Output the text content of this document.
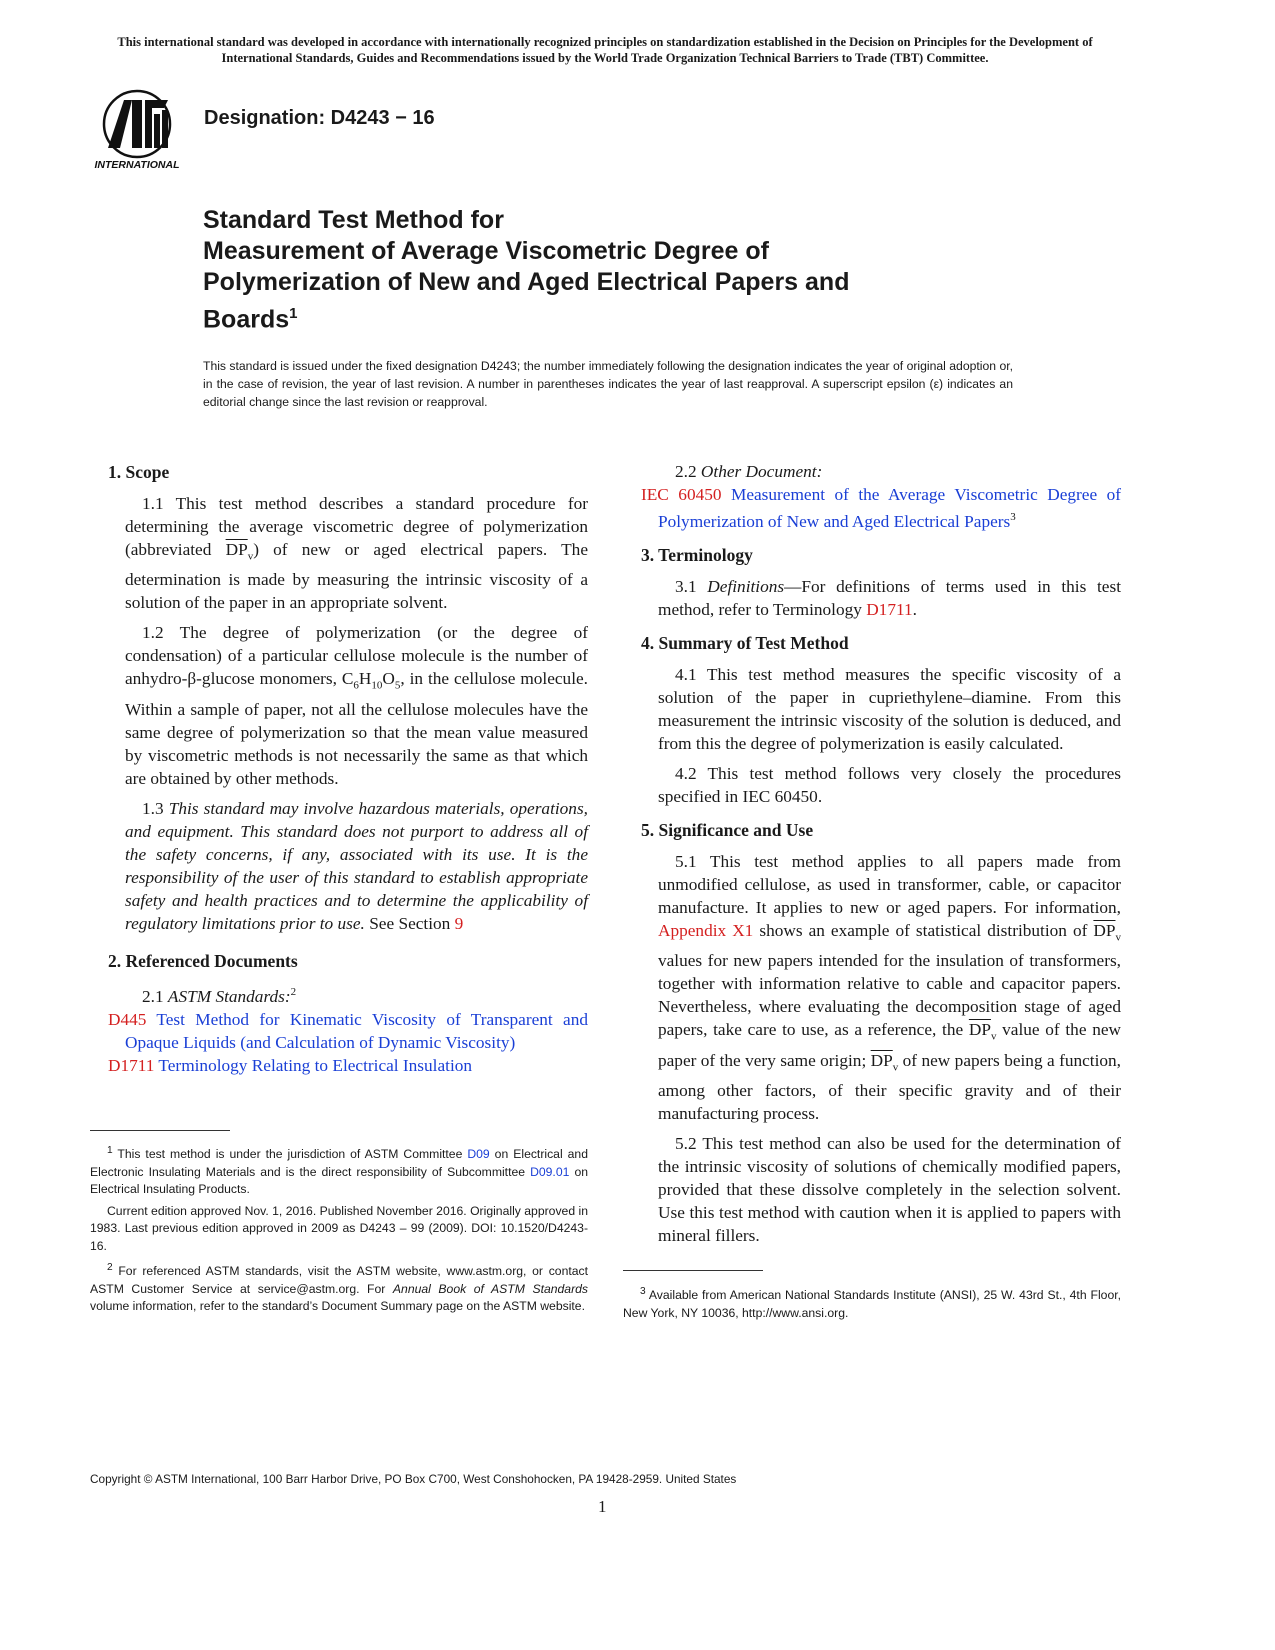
This international standard was developed in accordance with internationally recognized principles on standardization established in the Decision on Principles for the Development of International Standards, Guides and Recommendations issued by the World Trade Organization Technical Barriers to Trade (TBT) Committee.
INTERNATIONAL
Designation: D4243 − 16
Standard Test Method for
Measurement of Average Viscometric Degree of
Polymerization of New and Aged Electrical Papers and
Boards$^1$
This standard is issued under the fixed designation D4243; the number immediately following the designation indicates the year of original adoption or, in the case of revision, the year of last revision. A number in parentheses indicates the year of last reapproval. A superscript epsilon (ε) indicates an editorial change since the last revision or reapproval.
1. Scope

1.1 This test method describes a standard procedure for determining the average viscometric degree of polymerization (abbreviated $\overline{DP}_v$) of new or aged electrical papers. The determination is made by measuring the intrinsic viscosity of a solution of the paper in an appropriate solvent.

1.2 The degree of polymerization (or the degree of condensation) of a particular cellulose molecule is the number of anhydro-β-glucose monomers, $C_6H_{10}O_5$, in the cellulose molecule. Within a sample of paper, not all the cellulose molecules have the same degree of polymerization so that the mean value measured by viscometric methods is not necessarily the same as that which are obtained by other methods.

1.3 This standard may involve hazardous materials, operations, and equipment. This standard does not purport to address all of the safety concerns, if any, associated with its use. It is the responsibility of the user of this standard to establish appropriate safety and health practices and to determine the applicability of regulatory limitations prior to use. See Section 9

2. Referenced Documents

2.1 ASTM Standards:$^2$

D445 Test Method for Kinematic Viscosity of Transparent and Opaque Liquids (and Calculation of Dynamic Viscosity)
D1711 Terminology Relating to Electrical Insulation

2.2 Other Document:

IEC 60450 Measurement of the Average Viscometric Degree of Polymerization of New and Aged Electrical Papers$^3$
3. Terminology

3.1 Definitions—For definitions of terms used in this test method, refer to Terminology D1711.

4. Summary of Test Method

4.1 This test method measures the specific viscosity of a solution of the paper in cupriethylene–diamine. From this measurement the intrinsic viscosity of the solution is deduced, and from this the degree of polymerization is easily calculated.

4.2 This test method follows very closely the procedures specified in IEC 60450.

5. Significance and Use

5.1 This test method applies to all papers made from unmodified cellulose, as used in transformer, cable, or capacitor manufacture. It applies to new or aged papers. For information, Appendix X1 shows an example of statistical distribution of $\overline{DP}_v$ values for new papers intended for the insulation of transformers, together with information relative to cable and capacitor papers. Nevertheless, where evaluating the decomposition stage of aged papers, take care to use, as a reference, the $\overline{DP}_v$ value of the new paper of the very same origin; $\overline{DP}_v$ of new papers being a function, among other factors, of their specific gravity and of their manufacturing process.

5.2 This test method can also be used for the determination of the intrinsic viscosity of solutions of chemically modified papers, provided that these dissolve completely in the selection solvent. Use this test method with caution when it is applied to papers with mineral fillers.

$^1$ This test method is under the jurisdiction of ASTM Committee D09 on Electrical and Electronic Insulating Materials and is the direct responsibility of Subcommittee D09.01 on Electrical Insulating Products.

Current edition approved Nov. 1, 2016. Published November 2016. Originally approved in 1983. Last previous edition approved in 2009 as D4243 – 99 (2009). DOI: 10.1520/D4243-16.

$^2$ For referenced ASTM standards, visit the ASTM website, www.astm.org, or contact ASTM Customer Service at service@astm.org. For Annual Book of ASTM Standards volume information, refer to the standard’s Document Summary page on the ASTM website.

$^3$ Available from American National Standards Institute (ANSI), 25 W. 43rd St., 4th Floor, New York, NY 10036, http://www.ansi.org.

Copyright © ASTM International, 100 Barr Harbor Drive, PO Box C700, West Conshohocken, PA 19428-2959. United States
1
